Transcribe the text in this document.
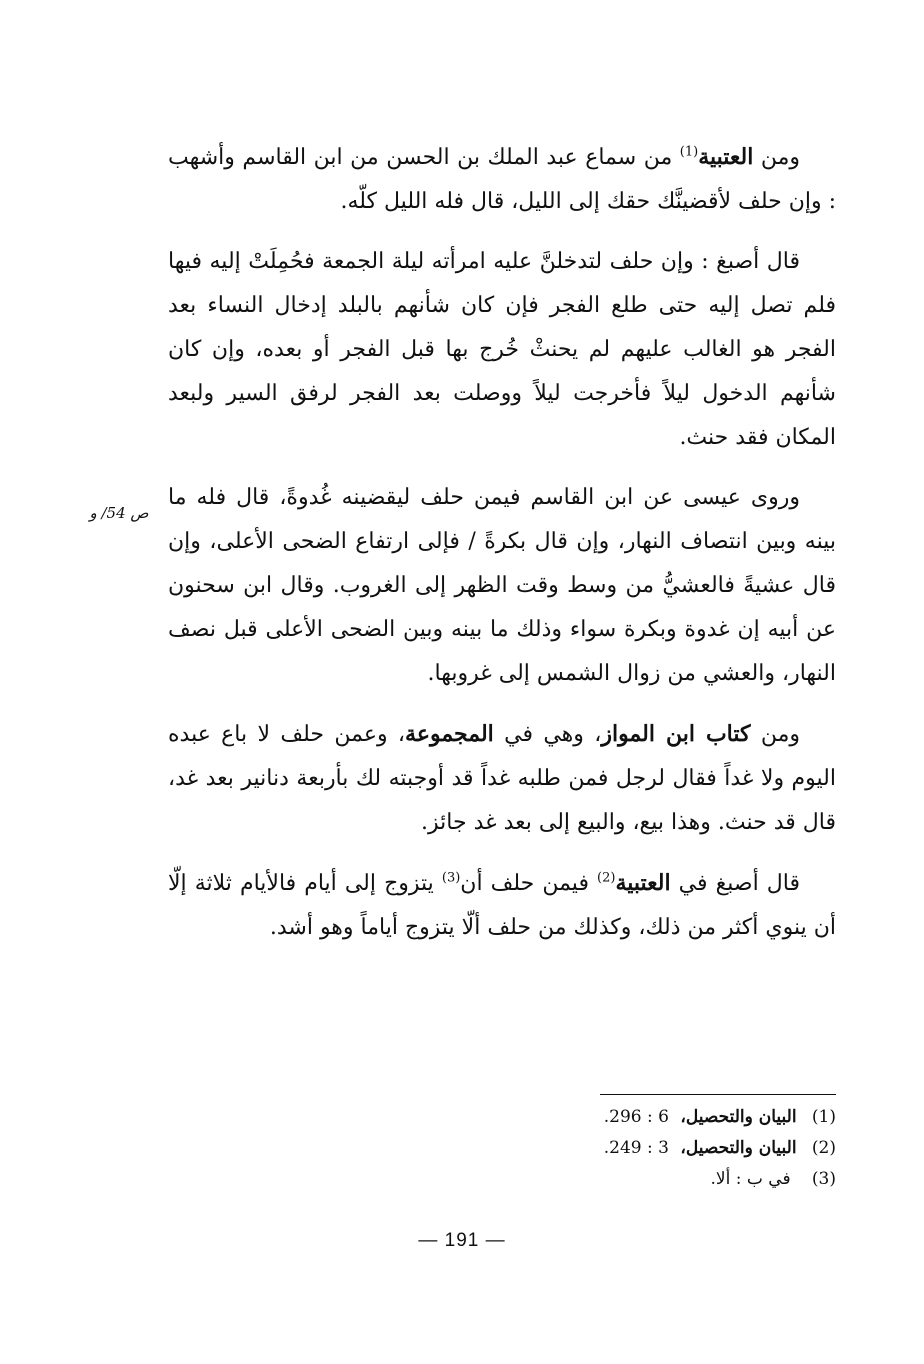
ومن العتبية$^{(1)}$ من سماع عبد الملك بن الحسن من ابن القاسم وأشهب : وإن حلف لأقضينَّك حقك إلى الليل، قال فله الليل كلّه.

قال أصبغ : وإن حلف لتدخلنَّ عليه امرأته ليلة الجمعة فحُمِلَتْ إليه فيها فلم تصل إليه حتى طلع الفجر فإن كان شأنهم بالبلد إدخال النساء بعد الفجر هو الغالب عليهم لم يحنثْ خُرج بها قبل الفجر أو بعده، وإن كان شأنهم الدخول ليلاً فأخرجت ليلاً ووصلت بعد الفجر لرفق السير ولبعد المكان فقد حنث.

وروى عيسى عن ابن القاسم فيمن حلف ليقضينه غُدوةً، قال فله ما بينه وبين انتصاف النهار، وإن قال بكرةً / فإلى ارتفاع الضحى الأعلى، وإن قال عشيةً فالعشيُّ من وسط وقت الظهر إلى الغروب. وقال ابن سحنون عن أبيه إن غدوة وبكرة سواء وذلك ما بينه وبين الضحى الأعلى قبل نصف النهار، والعشي من زوال الشمس إلى غروبها.

ومن كتاب ابن المواز، وهي في المجموعة، وعمن حلف لا باع عبده اليوم ولا غداً فقال لرجل فمن طلبه غداً قد أوجبته لك بأربعة دنانير بعد غد، قال قد حنث. وهذا بيع، والبيع إلى بعد غد جائز.

قال أصبغ في العتبية$^{(2)}$ فيمن حلف أن$^{(3)}$ يتزوج إلى أيام فالأيام ثلاثة إلّا أن ينوي أكثر من ذلك، وكذلك من حلف ألّا يتزوج أياماً وهو أشد.

ص 54/ و
(1) البيان والتحصيل، 6 : 296.
(2) البيان والتحصيل، 3 : 249.
(3) في ب : ألا.
— 191 —
